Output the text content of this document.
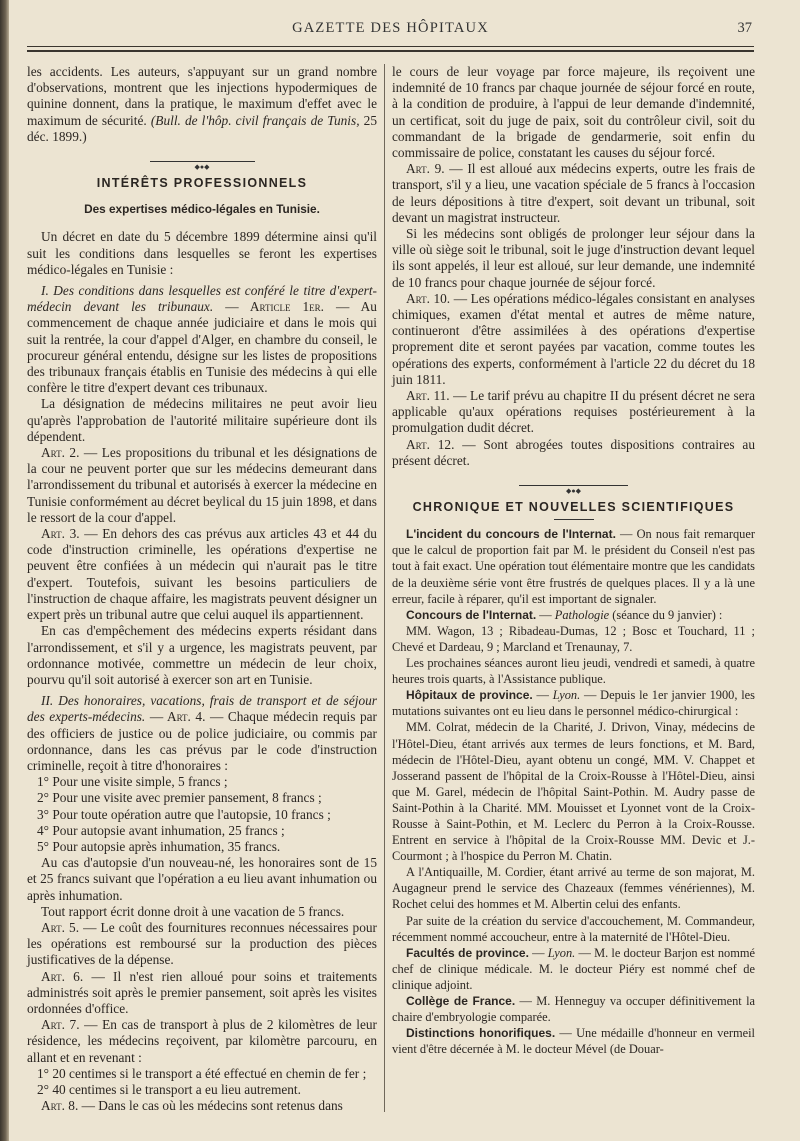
GAZETTE DES HÔPITAUX	37

les accidents. Les auteurs, s'appuyant sur un grand nombre d'observations, montrent que les injections hypodermiques de quinine donnent, dans la pratique, le maximum d'effet avec le maximum de sécurité. (Bull. de l'hôp. civil français de Tunis, 25 déc. 1899.)

◆●◆
INTÉRÊTS PROFESSIONNELS
Des expertises médico-légales en Tunisie.

Un décret en date du 5 décembre 1899 détermine ainsi qu'il suit les conditions dans lesquelles se feront les expertises médico-légales en Tunisie :

I. Des conditions dans lesquelles est conféré le titre d'expert-médecin devant les tribunaux. — Article 1er. — Au commencement de chaque année judiciaire et dans le mois qui suit la rentrée, la cour d'appel d'Alger, en chambre du conseil, le procureur général entendu, désigne sur les listes de propositions des tribunaux français établis en Tunisie des médecins à qui elle confère le titre d'expert devant ces tribunaux.

La désignation de médecins militaires ne peut avoir lieu qu'après l'approbation de l'autorité militaire supérieure dont ils dépendent.

Art. 2. — Les propositions du tribunal et les désignations de la cour ne peuvent porter que sur les médecins demeurant dans l'arrondissement du tribunal et autorisés à exercer la médecine en Tunisie conformément au décret beylical du 15 juin 1898, et dans le ressort de la cour d'appel.

Art. 3. — En dehors des cas prévus aux articles 43 et 44 du code d'instruction criminelle, les opérations d'expertise ne peuvent être confiées à un médecin qui n'aurait pas le titre d'expert. Toutefois, suivant les besoins particuliers de l'instruction de chaque affaire, les magistrats peuvent désigner un expert près un tribunal autre que celui auquel ils appartiennent.

En cas d'empêchement des médecins experts résidant dans l'arrondissement, et s'il y a urgence, les magistrats peuvent, par ordonnance motivée, commettre un médecin de leur choix, pourvu qu'il soit autorisé à exercer son art en Tunisie.

II. Des honoraires, vacations, frais de transport et de séjour des experts-médecins. — Art. 4. — Chaque médecin requis par des officiers de justice ou de police judiciaire, ou commis par ordonnance, dans les cas prévus par le code d'instruction criminelle, reçoit à titre d'honoraires :

1° Pour une visite simple, 5 francs ;

2° Pour une visite avec premier pansement, 8 francs ;

3° Pour toute opération autre que l'autopsie, 10 francs ;

4° Pour autopsie avant inhumation, 25 francs ;

5° Pour autopsie après inhumation, 35 francs.

Au cas d'autopsie d'un nouveau-né, les honoraires sont de 15 et 25 francs suivant que l'opération a eu lieu avant inhumation ou après inhumation.

Tout rapport écrit donne droit à une vacation de 5 francs.

Art. 5. — Le coût des fournitures reconnues nécessaires pour les opérations est remboursé sur la production des pièces justificatives de la dépense.

Art. 6. — Il n'est rien alloué pour soins et traitements administrés soit après le premier pansement, soit après les visites ordonnées d'office.

Art. 7. — En cas de transport à plus de 2 kilomètres de leur résidence, les médecins reçoivent, par kilomètre parcouru, en allant et en revenant :

1° 20 centimes si le transport a été effectué en chemin de fer ;

2° 40 centimes si le transport a eu lieu autrement.

Art. 8. — Dans le cas où les médecins sont retenus dans

le cours de leur voyage par force majeure, ils reçoivent une indemnité de 10 francs par chaque journée de séjour forcé en route, à la condition de produire, à l'appui de leur demande d'indemnité, un certificat, soit du juge de paix, soit du contrôleur civil, soit du commandant de la brigade de gendarmerie, soit enfin du commissaire de police, constatant les causes du séjour forcé.

Art. 9. — Il est alloué aux médecins experts, outre les frais de transport, s'il y a lieu, une vacation spéciale de 5 francs à l'occasion de leurs dépositions à titre d'expert, soit devant un tribunal, soit devant un magistrat instructeur.

Si les médecins sont obligés de prolonger leur séjour dans la ville où siège soit le tribunal, soit le juge d'instruction devant lequel ils sont appelés, il leur est alloué, sur leur demande, une indemnité de 10 francs pour chaque journée de séjour forcé.

Art. 10. — Les opérations médico-légales consistant en analyses chimiques, examen d'état mental et autres de même nature, continueront d'être assimilées à des opérations d'expertise proprement dite et seront payées par vacation, comme toutes les opérations des experts, conformément à l'article 22 du décret du 18 juin 1811.

Art. 11. — Le tarif prévu au chapitre II du présent décret ne sera applicable qu'aux opérations requises postérieurement à la promulgation dudit décret.

Art. 12. — Sont abrogées toutes dispositions contraires au présent décret.

◆●◆
CHRONIQUE ET NOUVELLES SCIENTIFIQUES

L'incident du concours de l'Internat. — On nous fait remarquer que le calcul de proportion fait par M. le président du Conseil n'est pas tout à fait exact. Une opération tout élémentaire montre que les candidats de la deuxième série vont être frustrés de quelques places. Il y a là une erreur, facile à réparer, qu'il est important de signaler.

Concours de l'Internat. — Pathologie (séance du 9 janvier) :

MM. Wagon, 13 ; Ribadeau-Dumas, 12 ; Bosc et Touchard, 11 ; Chevé et Dardeau, 9 ; Marcland et Trenaunay, 7.

Les prochaines séances auront lieu jeudi, vendredi et samedi, à quatre heures trois quarts, à l'Assistance publique.

Hôpitaux de province. — Lyon. — Depuis le 1er janvier 1900, les mutations suivantes ont eu lieu dans le personnel médico-chirurgical :

MM. Colrat, médecin de la Charité, J. Drivon, Vinay, médecins de l'Hôtel-Dieu, étant arrivés aux termes de leurs fonctions, et M. Bard, médecin de l'Hôtel-Dieu, ayant obtenu un congé, MM. V. Chappet et Josserand passent de l'hôpital de la Croix-Rousse à l'Hôtel-Dieu, ainsi que M. Garel, médecin de l'hôpital Saint-Pothin. M. Audry passe de Saint-Pothin à la Charité. MM. Mouisset et Lyonnet vont de la Croix-Rousse à Saint-Pothin, et M. Leclerc du Perron à la Croix-Rousse. Entrent en service à l'hôpital de la Croix-Rousse MM. Devic et J.-Courmont ; à l'hospice du Perron M. Chatin.

A l'Antiquaille, M. Cordier, étant arrivé au terme de son majorat, M. Augagneur prend le service des Chazeaux (femmes vénériennes), M. Rochet celui des hommes et M. Albertin celui des enfants.

Par suite de la création du service d'accouchement, M. Commandeur, récemment nommé accoucheur, entre à la maternité de l'Hôtel-Dieu.

Facultés de province. — Lyon. — M. le docteur Barjon est nommé chef de clinique médicale. M. le docteur Piéry est nommé chef de clinique adjoint.

Collège de France. — M. Henneguy va occuper définitivement la chaire d'embryologie comparée.

Distinctions honorifiques. — Une médaille d'honneur en vermeil vient d'être décernée à M. le docteur Mével (de Douar-
